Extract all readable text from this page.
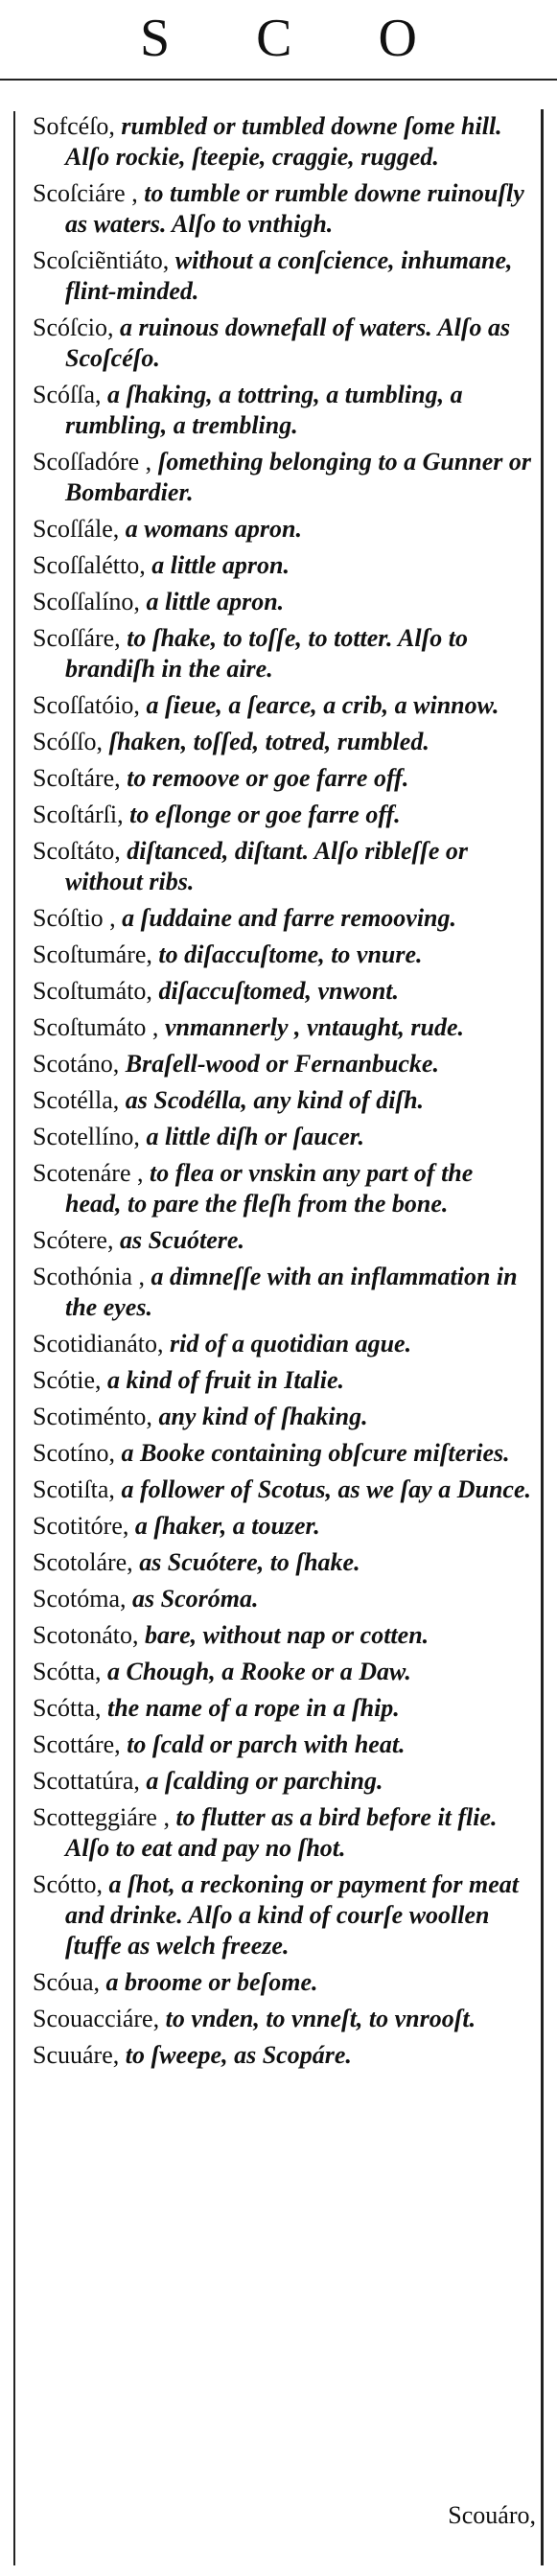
S C O
Sofcéſo, rumbled or tumbled downe ſome hill. Alſo rockie, ſteepie, craggie, rugged.
Scoſciáre , to tumble or rumble downe ruinouſly as waters. Alſo to vnthigh.
Scoſciẽntiáto, without a conſcience, inhumane, flint-minded.
Scóſcio, a ruinous downefall of waters. Alſo as Scoſcéſo.
Scóſſa, a ſhaking, a tottring, a tumbling, a rumbling, a trembling.
Scoſſadóre , ſomething belonging to a Gunner or Bombardier.
Scoſſále, a womans apron.
Scoſſalétto, a little apron.
Scoſſalíno, a little apron.
Scoſſáre, to ſhake, to toſſe, to totter. Alſo to brandiſh in the aire.
Scoſſatóio, a ſieue, a ſearce, a crib, a winnow.
Scóſſo, ſhaken, toſſed, totred, rumbled.
Scoſtáre, to remoove or goe farre off.
Scoſtárſi, to eſlonge or goe farre off.
Scoſtáto, diſtanced, diſtant. Alſo ribleſſe or without ribs.
Scóſtio , a ſuddaine and farre remooving.
Scoſtumáre, to diſaccuſtome, to vnure.
Scoſtumáto, diſaccuſtomed, vnwont.
Scoſtumáto , vnmannerly , vntaught, rude.
Scotáno, Braſell-wood or Fernanbucke.
Scotélla, as Scodélla, any kind of diſh.
Scotellíno, a little diſh or ſaucer.
Scotenáre , to flea or vnskin any part of the head, to pare the fleſh from the bone.
Scótere, as Scuótere.
Scothónia , a dimneſſe with an inflammation in the eyes.
Scotidianáto, rid of a quotidian ague.
Scótie, a kind of fruit in Italie.
Scotiménto, any kind of ſhaking.
Scotíno, a Booke containing obſcure miſteries.
Scotiſta, a follower of Scotus, as we ſay a Dunce.
Scotitóre, a ſhaker, a touzer.
Scotoláre, as Scuótere, to ſhake.
Scotóma, as Scoróma.
Scotonáto, bare, without nap or cotten.
Scótta, a Chough, a Rooke or a Daw.
Scótta, the name of a rope in a ſhip.
Scottáre, to ſcald or parch with heat.
Scottatúra, a ſcalding or parching.
Scotteggiáre , to flutter as a bird before it flie. Alſo to eat and pay no ſhot.
Scótto, a ſhot, a reckoning or payment for meat and drinke. Alſo a kind of courſe woollen ſtuffe as welch freeze.
Scóua, a broome or beſome.
Scouacciáre, to vnden, to vnneſt, to vnrooſt.
Scuuáre, to ſweepe, as Scopáre.
Scouáro,
